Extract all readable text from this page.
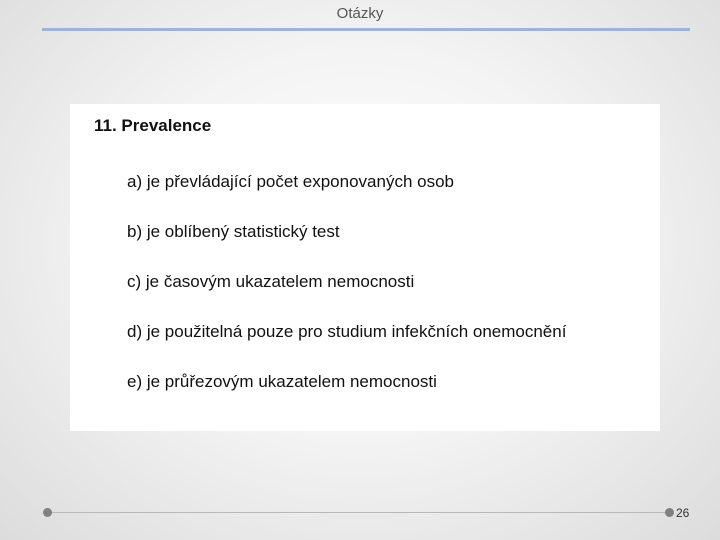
Otázky
11. Prevalence
a) je převládající počet exponovaných osob
b) je oblíbený statistický test
c) je časovým ukazatelem nemocnosti
d) je použitelná pouze pro studium infekčních onemocnění
e) je průřezovým ukazatelem nemocnosti
26
